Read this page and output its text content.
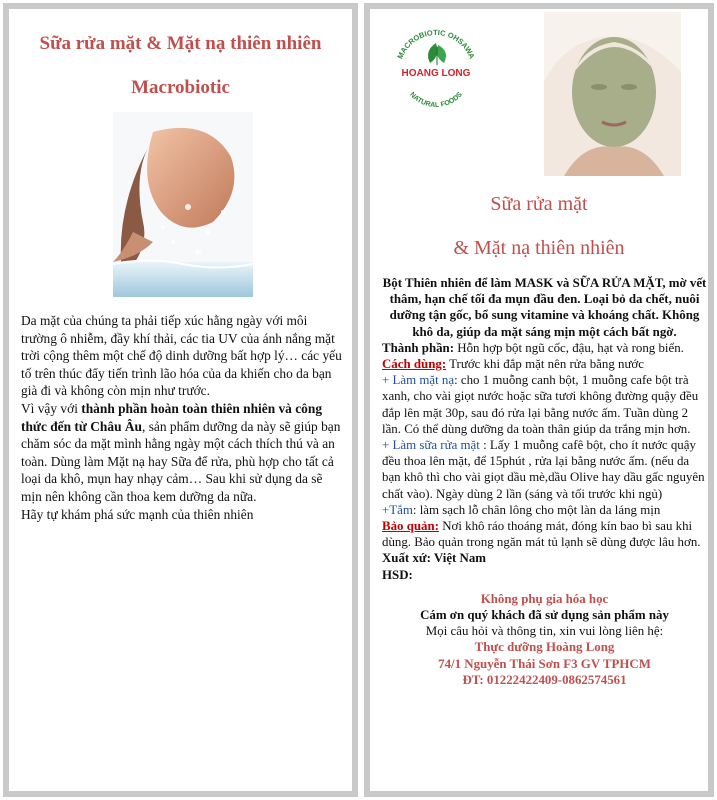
Sữa rửa mặt & Mặt nạ thiên nhiên
Macrobiotic

Da mặt của chúng ta phải tiếp xúc hằng ngày với môi trường ô nhiễm, đầy khí thải, các tia UV của ánh nắng mặt trời cộng thêm một chế độ dinh dưỡng bất hợp lý… các yếu tố trên thúc đẩy tiến trình lão hóa của da khiến cho da bạn già đi và không còn mịn như trước.

Vì vậy với thành phần hoàn toàn thiên nhiên và công thức đến từ Châu Âu, sản phẩm dưỡng da này sẽ giúp bạn chăm sóc da mặt mình hằng ngày một cách thích thú và an toàn. Dùng làm Mặt nạ hay Sữa để rửa, phù hợp cho tất cả loại da khô, mụn hay nhạy cảm… Sau khi sử dụng da sẽ mịn nên không cần thoa kem dưỡng da nữa.

Hãy tự khám phá sức mạnh của thiên nhiên

MACROBIOTIC OHSAWA
HOANG LONG
NATURAL FOODS
Sữa rửa mặt
& Mặt nạ thiên nhiên

Bột Thiên nhiên để làm MASK và SỮA RỬA MẶT, mờ vết thâm, hạn chế tối đa mụn đầu đen. Loại bỏ da chết, nuôi dưỡng tận gốc, bổ sung vitamine và khoáng chất. Không khô da, giúp da mặt sáng mịn một cách bất ngờ.

Thành phần: Hỗn hợp bột ngũ cốc, đậu, hạt và rong biển.

Cách dùng: Trước khi đắp mặt nên rửa bằng nước

+ Làm mặt nạ: cho 1 muỗng canh bột, 1 muỗng cafe bột trà xanh, cho vài giọt nước hoặc sữa tươi không đường quậy đều đắp lên mặt 30p, sau đó rửa lại bằng nước ấm. Tuần dùng 2 lần. Có thể dùng dưỡng da toàn thân giúp da trắng mịn hơn.

+ Làm sữa rửa mặt : Lấy 1 muỗng cafê bột, cho ít nước quậy đều thoa lên mặt, để 15phút , rửa lại bằng nước ấm. (nếu da bạn khô thì cho vài giọt dầu mè,dầu Olive hay dầu gấc nguyên chất vào). Ngày dùng 2 lần (sáng và tối trước khi ngủ)

+Tắm: làm sạch lỗ chân lông cho một làn da láng mịn

Bảo quản: Nơi khô ráo thoáng mát, đóng kín bao bì sau khi dùng. Bảo quản trong ngăn mát tủ lạnh sẽ dùng được lâu hơn.

Xuất xứ: Việt Nam

HSD:

Không phụ gia hóa học

Cám ơn quý khách đã sử dụng sản phẩm này

Mọi câu hỏi và thông tin, xin vui lòng liên hệ:

Thực dưỡng Hoàng Long

74/1 Nguyễn Thái Sơn F3 GV TPHCM

ĐT: 01222422409-0862574561
